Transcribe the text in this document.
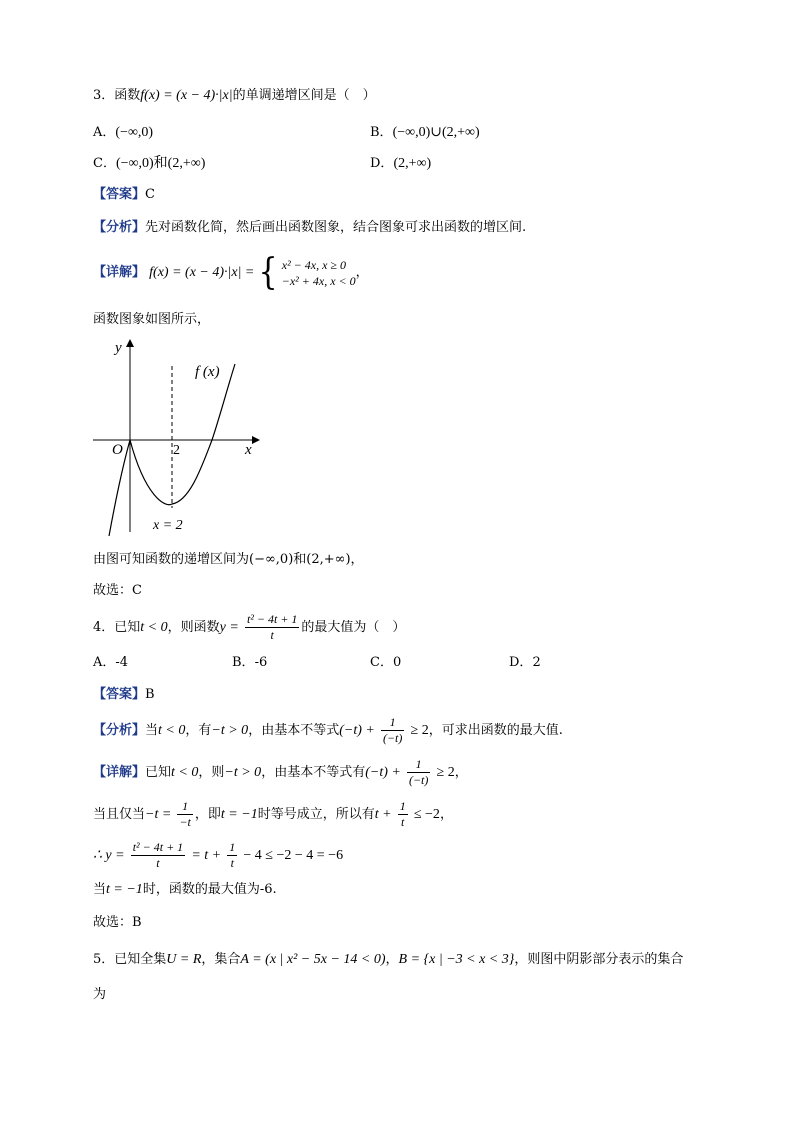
3．函数f(x) = (x − 4)·|x|的单调递增区间是（　）
A．(−∞,0)	B．(−∞,0)∪(2,+∞)
C．(−∞,0)和(2,+∞)	D．(2,+∞)
【答案】C
【分析】先对函数化简，然后画出函数图象，结合图象可求出函数的增区间.
【详解】 f(x) = (x − 4)·|x| = { x² − 4x, x ≥ 0
−x² + 4x, x < 0
，
函数图象如图所示，
y
x
O	2
f (x)
x = 2
由图可知函数的递增区间为(−∞,0)和(2,+∞)，
故选：C
4．已知t < 0，则函数$y = \frac{\text{t² − 4t + 1}}{t}$ 的最大值为（　）
A．-4	B．-6	C．0	D．2
【答案】B
【分析】当t < 0，有−t > 0，由基本不等式$(-t) + \frac{1}{(-t)} \ge 2$，可求出函数的最大值.
【详解】已知t < 0，则−t > 0，由基本不等式有$(-t) + \frac{1}{(-t)} \ge 2$，
当且仅当$-t = \frac{1}{-t}$ ，即t = −1时等号成立，所以有$t + \frac{1}{t} \le -2$，
∴ $y = \frac{\text{t² − 4t + 1}}{t} = t + \frac{1}{t} - 4 \le -2 - 4 = -6$
当t = −1时，函数的最大值为-6.
故选：B
5．已知全集U = R，集合A = (x | x² − 5x − 14 < 0)，B = {x | −3 < x < 3}，则图中阴影部分表示的集合
为
